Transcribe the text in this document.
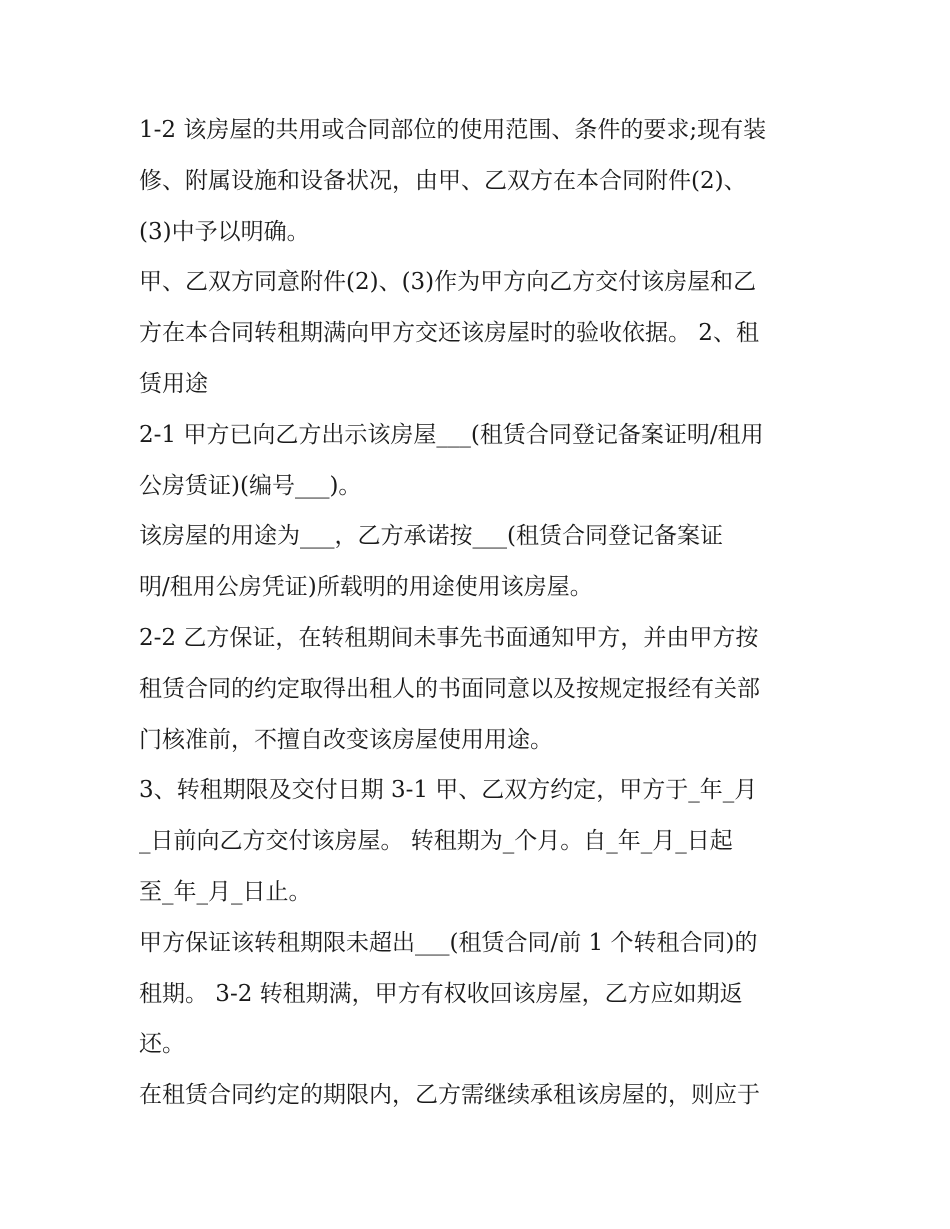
1-2 该房屋的共用或合同部位的使用范围、条件的要求;现有装
修、附属设施和设备状况，由甲、乙双方在本合同附件(2)、
(3)中予以明确。

甲、乙双方同意附件(2)、(3)作为甲方向乙方交付该房屋和乙
方在本合同转租期满向甲方交还该房屋时的验收依据。 2、租
赁用途

2-1 甲方已向乙方出示该房屋___(租赁合同登记备案证明/租用
公房赁证)(编号___)。

该房屋的用途为___，乙方承诺按___(租赁合同登记备案证
明/租用公房凭证)所载明的用途使用该房屋。

2-2 乙方保证，在转租期间未事先书面通知甲方，并由甲方按
租赁合同的约定取得出租人的书面同意以及按规定报经有关部
门核准前，不擅自改变该房屋使用用途。

3、转租期限及交付日期 3-1 甲、乙双方约定，甲方于_年_月
_日前向乙方交付该房屋。 转租期为_个月。自_年_月_日起
至_年_月_日止。

甲方保证该转租期限未超出___(租赁合同/前 1 个转租合同)的
租期。 3-2 转租期满，甲方有权收回该房屋，乙方应如期返
还。

在租赁合同约定的期限内，乙方需继续承租该房屋的，则应于
